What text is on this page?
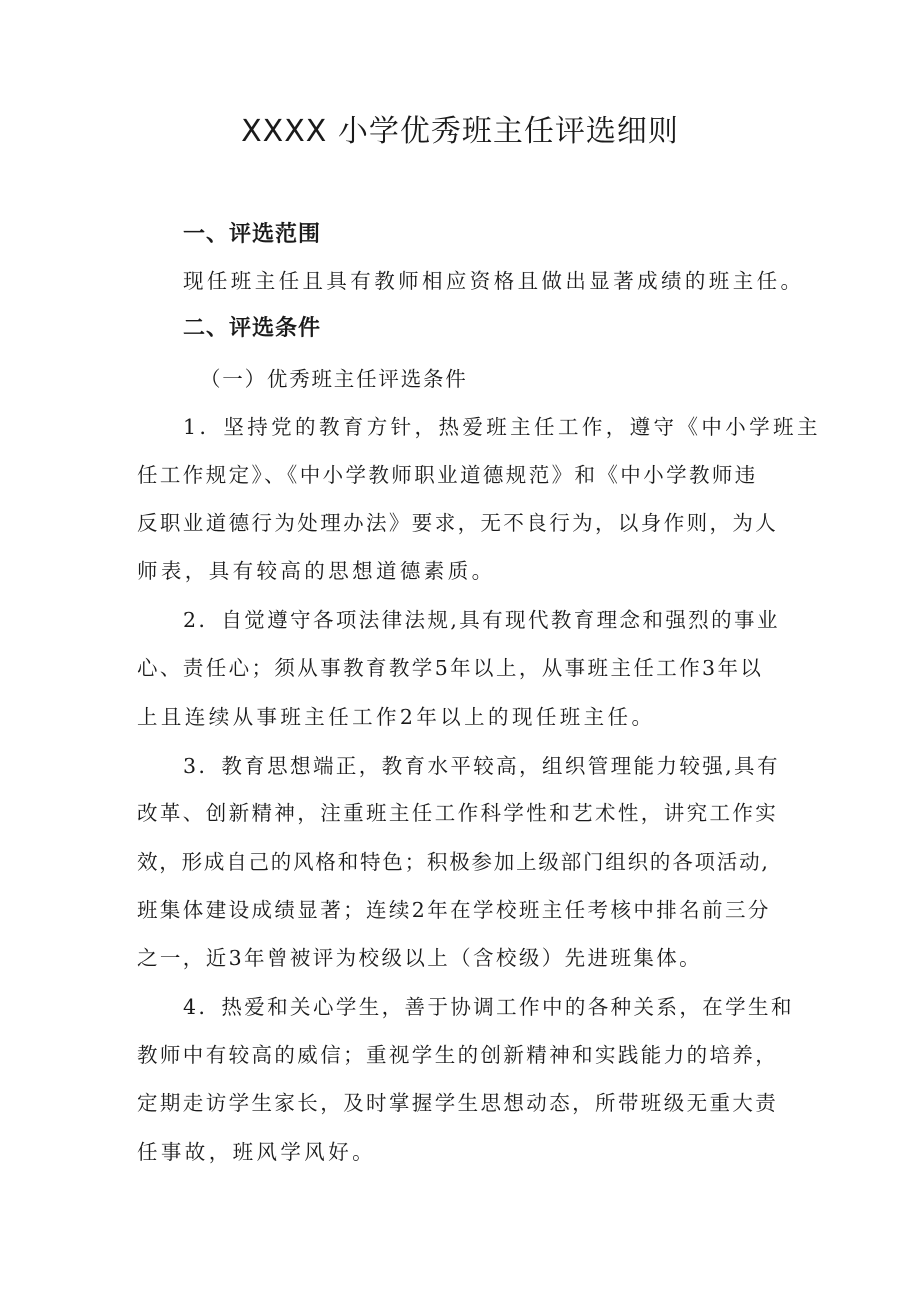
XXXX 小学优秀班主任评选细则
一、评选范围
现任班主任且具有教师相应资格且做出显著成绩的班主任。
二、评选条件
（一）优秀班主任评选条件
1．坚持党的教育方针，热爱班主任工作，遵守《中小学班主
任工作规定》、《中小学教师职业道德规范》和《中小学教师违
反职业道德行为处理办法》要求，无不良行为，以身作则，为人
师表，具有较高的思想道德素质。
2．自觉遵守各项法律法规,具有现代教育理念和强烈的事业
心、责任心；须从事教育教学5年以上，从事班主任工作3年以
上且连续从事班主任工作2年以上的现任班主任。
3．教育思想端正，教育水平较高，组织管理能力较强,具有
改革、创新精神，注重班主任工作科学性和艺术性，讲究工作实
效，形成自己的风格和特色；积极参加上级部门组织的各项活动,
班集体建设成绩显著；连续2年在学校班主任考核中排名前三分
之一，近3年曾被评为校级以上（含校级）先进班集体。
4．热爱和关心学生，善于协调工作中的各种关系，在学生和
教师中有较高的威信；重视学生的创新精神和实践能力的培养，
定期走访学生家长，及时掌握学生思想动态，所带班级无重大责
任事故，班风学风好。
